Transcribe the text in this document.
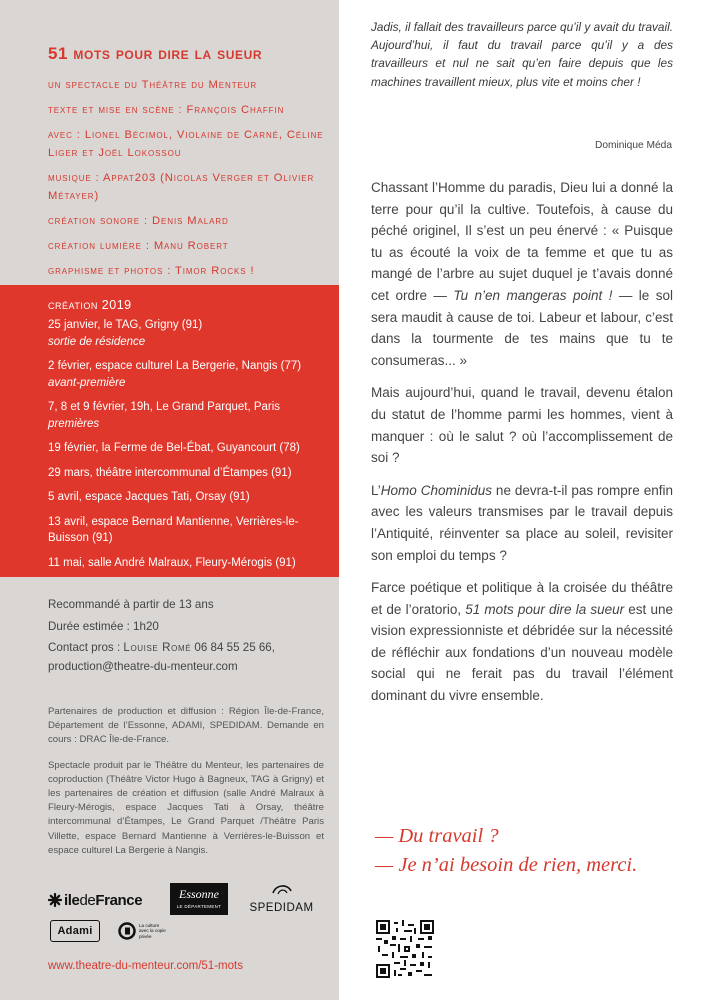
51 mots pour dire la sueur
un spectacle du Théâtre du Menteur
texte et mise en scène : François Chaffin
avec : Lionel Bécimol, Violaine de Carné, Céline Liger et Joël Lokossou
musique : Appat203 (Nicolas Verger et Olivier Métayer)
création sonore : Denis Malard
création lumière : Manu Robert
graphisme et photos : Timor Rocks !
création 2019
25 janvier, le TAG, Grigny (91)
sortie de résidence
2 février, espace culturel La Bergerie, Nangis (77)
avant-première
7, 8 et 9 février, 19h, Le Grand Parquet, Paris
premières
19 février, la Ferme de Bel-Ébat, Guyancourt (78)
29 mars, théâtre intercommunal d’Étampes (91)
5 avril, espace Jacques Tati, Orsay (91)
13 avril, espace Bernard Mantienne, Verrières-le-Buisson (91)
11 mai, salle André Malraux, Fleury-Mérogis (91)

Recommandé à partir de 13 ans

Durée estimée : 1h20

Contact pros : Louise Romé 06 84 55 25 66,
production@theatre-du-menteur.com

Partenaires de production et diffusion : Région Île-de-France, Département de l’Essonne, ADAMI, SPEDIDAM. Demande en cours : DRAC Île-de-France.

Spectacle produit par le Théâtre du Menteur, les partenaires de coproduction (Théâtre Victor Hugo à Bagneux, TAG à Grigny) et les partenaires de création et diffusion (salle André Malraux à Fleury-Mérogis, espace Jacques Tati à Orsay, théâtre intercommunal d’Étampes, Le Grand Parquet /Théâtre Paris Villette, espace Bernard Mantienne à Verrières-le-Buisson et espace culturel La Bergerie à Nangis.

iledeFrance	Essonne
LE DÉPARTEMENT	SPEDIDAM
Adami	La culture avec la copie privée
www.theatre-du-menteur.com/51-mots
Jadis, il fallait des travailleurs parce qu’il y avait du travail. Aujourd’hui, il faut du travail parce qu’il y a des travailleurs et nul ne sait qu’en faire depuis que les machines travaillent mieux, plus vite et moins cher !
Dominique Méda

Chassant l’Homme du paradis, Dieu lui a donné la terre pour qu’il la cultive. Toutefois, à cause du péché originel, Il s’est un peu énervé : « Puisque tu as écouté la voix de ta femme et que tu as mangé de l’arbre au sujet duquel je t’avais donné cet ordre — Tu n’en mangeras point ! — le sol sera maudit à cause de toi. Labeur et labour, c’est dans la tourmente de tes mains que tu te consumeras... »

Mais aujourd’hui, quand le travail, devenu étalon du statut de l’homme parmi les hommes, vient à manquer : où le salut ? où l’accomplissement de soi ?

L’Homo Chominidus ne devra-t-il pas rompre enfin avec les valeurs transmises par le travail depuis l’Antiquité, réinventer sa place au soleil, revisiter son emploi du temps ?

Farce poétique et politique à la croisée du théâtre et de l’oratorio, 51 mots pour dire la sueur est une vision expressionniste et débridée sur la nécessité de réfléchir aux fondations d’un nouveau modèle social qui ne ferait pas du travail l’élément dominant du vivre ensemble.

— Du travail ?
— Je n’ai besoin de rien, merci.
